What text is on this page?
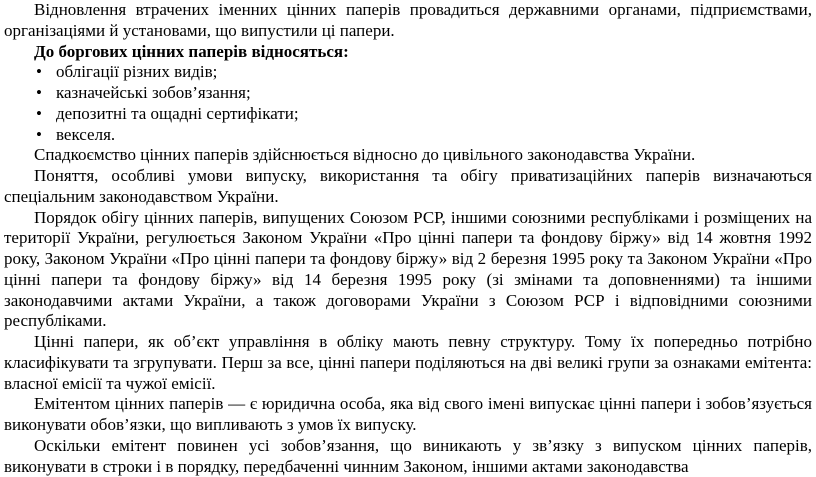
Відновлення втрачених іменних цінних паперів провадиться державними органами, підприємствами, організаціями й установами, що випустили ці папери.

До боргових цінних паперів відносяться:

• облігації різних видів;
• казначейські зобов’язання;
• депозитні та ощадні сертифікати;
• векселя.

Спадкоємство цінних паперів здійснюється відносно до цивільного законодавства України.

Поняття, особливі умови випуску, використання та обігу приватизаційних паперів визначаються спеціальним законодавством України.

Порядок обігу цінних паперів, випущених Союзом РСР, іншими союзними республіками і розміщених на території України, регулюється Законом України «Про цінні папери та фондову біржу» від 14 жовтня 1992 року, Законом України «Про цінні папери та фондову біржу» від 2 березня 1995 року та Законом України «Про цінні папери та фондову біржу» від 14 березня 1995 року (зі змінами та доповненнями) та іншими законодавчими актами України, а також договорами України з Союзом РСР і відповідними союзними республіками.

Цінні папери, як об’єкт управління в обліку мають певну структуру. Тому їх попередньо потрібно класифікувати та згрупувати. Перш за все, цінні папери поділяються на дві великі групи за ознаками емітента: власної емісії та чужої емісії.

Емітентом цінних паперів — є юридична особа, яка від свого імені випускає цінні папери і зобов’язується виконувати обов’язки, що випливають з умов їх випуску.

Оскільки емітент повинен усі зобов’язання, що виникають у зв’язку з випуском цінних паперів, виконувати в строки і в порядку, передбаченні чинним Законом, іншими актами законодавства
